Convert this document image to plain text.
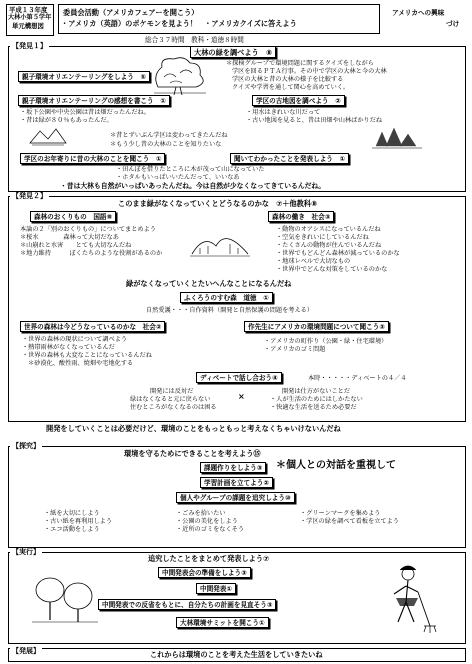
平成１３年度
大林小第５学年
単元構想図
委員会活動（アメリカフェアーを開こう）
・アメリカ（英語）のポケモンを見よう！　・アメリカクイズに答えよう
アメリカへの興味
づけ
総合３７時間　教科・道徳８時間
【発見１】
大林の緑を調べよう　⑧
＊探検グループで環境問題に関するクイズをしながら
学区を回るＰＴＡ行事。その中で学区の大林と今の大林
学区の大林と昔の大林の様子を比較する
クイズや学習を通して関心を高めていく。
親子環境オリエンテーリングをしよう　⑤
親子環境オリエンテーリングの感想を書こう　①	学区の古地図を調べよう　②
・坂下公園や中央公園は昔は畑だったんだね。
・昔は緑が８０％もあったんだ。
・用水はきれいな川だって
・古い地図を見ると、昔は田畑や山林ばかりだね
＊昔とずいぶん学区は変わってきたんだね
＊もう少し昔の大林のことを知りたいな
学区のお年寄りに昔の大林のことを聞こう　①	聞いてわかったことを発表しよう　①
・田んぼを借りたところに木が茂って山になっていた
・ホタルもいっぱいいたんだって、いいなあ
・昔は大林も自然がいっぱいあったんだね。今は自然が少なくなってきているんだね。
【発見２】
このまま緑がなくなっていくとどうなるのかな　⑦＋他教科⑧
森林のおくりもの　国語⑧	森林の働き　社会③
本論の２「別のおくりもの」についてまとめよう
＊桜水　　　　森林って大切だなあ
＊山崩れと水害　　とても大切なんだね
＊地力維持　　　ぼくたちのような役割があるのか
・動物のオアシスになっているんだね
・空気をきれいにしているんだね
・たくさんの動物が住んでいるんだね
・世界でもどんどん森林が減っているのかな
・地球レベルで大切なもの
・世界中でどんな対策をしているのかな
緑がなくなっていくとたいへんなことになるんだね
ふくろうのすむ森　道徳　①
自然愛護・・・自作資料（開発と自然保護の問題を考える）
世界の森林は今どうなっているのかな　社会②	作先生にアメリカの環境問題について聞こう③
・世界の森林の現状について調べよう
・熱帯雨林がなくなっているんだ
・世界の森林も大変なことになっているんだね
＊砂漠化、酸性雨、焼畑や宅地化する
・アメリカの町作り（公園・緑・住宅環境）
・アメリカのゴミ問題
ディベートで話し合おう④	本時・・・・・ディベートの４／４
開発には反対だ
緑はなくなると元に戻らない
住むところがなくなるのは困る
×
開発は仕方がないことだ
・人が生活のためにはしかたない
・快適な生活を送るため必要だ
開発をしていくことは必要だけど、環境のことをもっともっと考えなくちゃいけないんだね
【探究】
環境を守るためにできることを考えよう⑮
課題作りをしよう③	＊個人との対話を重視して
学習計画を立てよう②
個人やグループの課題を追究しよう⑩
・紙を大切にしよう
・古い紙を再利用しよう
・エコ活動をしよう
・ごみを拾いたい
・公園の美化をしよう
・近所のゴミをなくそう
・グリーンマークを集めよう
・学区の緑を調べて看板を立てよう
【実行】
追究したことをまとめて発表しよう⑦
中間発表会の準備をしよう③
中間発表①
中間発表での反省をもとに、自分たちの計画を見直そう③
大林環境サミットを開こう①
【発展】	これからは環境のことを考えた生活をしていきたいね
